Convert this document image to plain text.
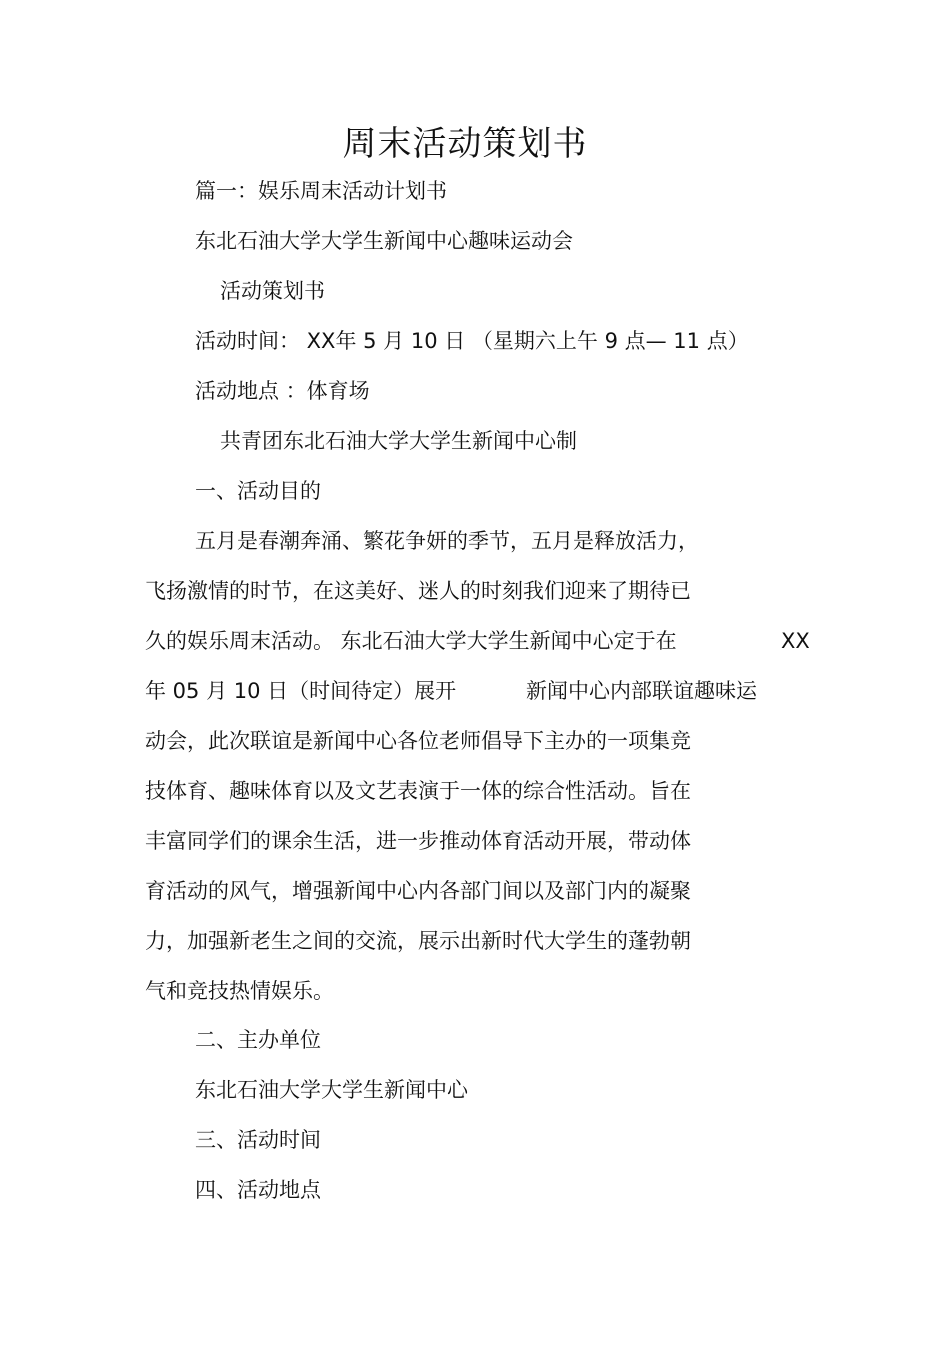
周末活动策划书
篇一：娱乐周末活动计划书
东北石油大学大学生新闻中心趣味运动会
活动策划书
活动时间： XX年 5 月 10 日 （星期六上午 9 点— 11 点）
活动地点 ：体育场
共青团东北石油大学大学生新闻中心制
一、活动目的
五月是春潮奔涌、繁花争妍的季节，五月是释放活力，
飞扬激情的时节，在这美好、迷人的时刻我们迎来了期待已
久的娱乐周末活动。 东北石油大学大学生新闻中心定于在	XX
年 05 月 10 日（时间待定）展开	新闻中心内部联谊趣味运
动会，此次联谊是新闻中心各位老师倡导下主办的一项集竞
技体育、趣味体育以及文艺表演于一体的综合性活动。旨在
丰富同学们的课余生活，进一步推动体育活动开展，带动体
育活动的风气，增强新闻中心内各部门间以及部门内的凝聚
力，加强新老生之间的交流，展示出新时代大学生的蓬勃朝
气和竞技热情娱乐。
二、主办单位
东北石油大学大学生新闻中心
三、活动时间
四、活动地点
